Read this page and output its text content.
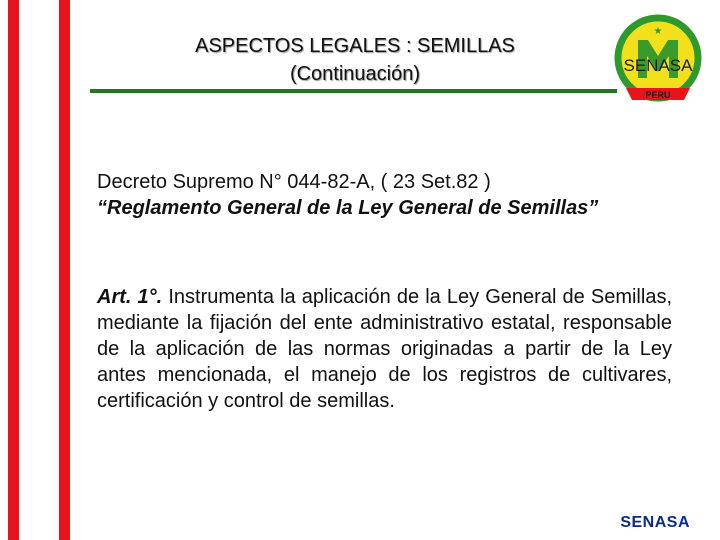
ASPECTOS LEGALES : SEMILLAS
(Continuación)
★
SENASA
PERU
Decreto Supremo N° 044-82-A, ( 23 Set.82 )
“Reglamento General de la Ley General de Semillas”
Art. 1°. Instrumenta la aplicación de la Ley General de Semillas, mediante la fijación del ente administrativo estatal, responsable de la aplicación de las normas originadas a partir de la Ley antes mencionada, el manejo de los registros de cultivares, certificación y control de semillas.
SENASA
